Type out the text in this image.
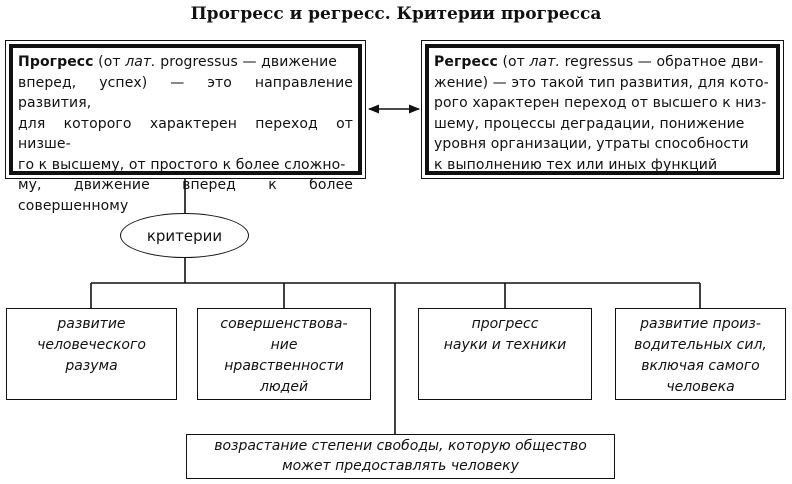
Прогресс и регресс. Критерии прогресса
Прогресс (от лат. progressus — движение
вперед, успех) — это направление развития,
для которого характерен переход от низше-
го к высшему, от простого к более сложно-
му, движение вперед к более совершенному
Регресс (от лат. regressus — обратное дви-
жение) — это такой тип развития, для кото-
рого характерен переход от высшего к низ-
шему, процессы деградации, понижение
уровня организации, утраты способности
к выполнению тех или иных функций
критерии
развитие
человеческого
разума
совершенствова-
ние
нравственности
людей
прогресс
науки и техники
развитие произ-
водительных сил,
включая самого
человека
возрастание степени свободы, которую общество
может предоставлять человеку
